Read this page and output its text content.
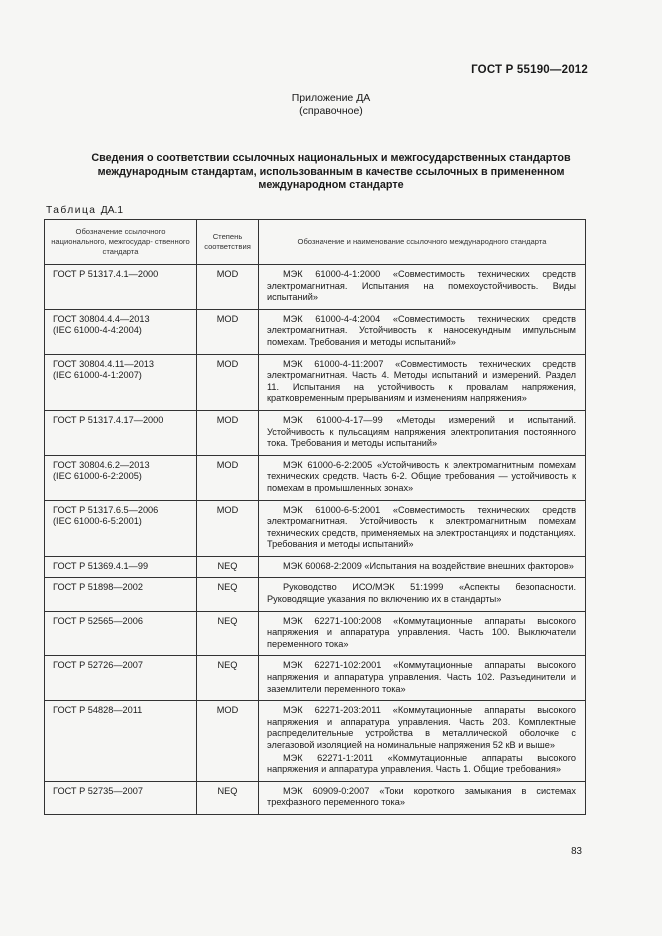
ГОСТ Р 55190—2012
Приложение ДА
(справочное)
Сведения о соответствии ссылочных национальных и межгосударственных стандартов международным стандартам, использованным в качестве ссылочных в примененном международном стандарте
Таблица ДА.1
Обозначение ссылочного национального, межгосудар- ственного стандарта	Степень соответствия	Обозначение и наименование ссылочного международного стандарта

ГОСТ Р 51317.4.1—2000	MOD	МЭК 61000-4-1:2000 «Совместимость технических средств электромагнитная. Испытания на помехоустойчивость. Виды испытаний»

ГОСТ 30804.4.4—2013
(IEC 61000-4-4:2004)	MOD	МЭК 61000-4-4:2004 «Совместимость технических средств электромагнитная. Устойчивость к наносекундным импульсным помехам. Требования и методы испытаний»

ГОСТ 30804.4.11—2013
(IEC 61000-4-1:2007)	MOD	МЭК 61000-4-11:2007 «Совместимость технических средств электромагнитная. Часть 4. Методы испытаний и измерений. Раздел 11. Испытания на устойчивость к провалам напряжения, кратковременным прерываниям и изменениям напряжения»

ГОСТ Р 51317.4.17—2000	MOD	МЭК 61000-4-17—99 «Методы измерений и испытаний. Устойчивость к пульсациям напряжения электропитания постоянного тока. Требования и методы испытаний»

ГОСТ 30804.6.2—2013
(IEC 61000-6-2:2005)	MOD	МЭК 61000-6-2:2005 «Устойчивость к электромагнитным помехам технических средств. Часть 6-2. Общие требования — устойчивость к помехам в промышленных зонах»

ГОСТ Р 51317.6.5—2006
(IEC 61000-6-5:2001)	MOD	МЭК 61000-6-5:2001 «Совместимость технических средств электромагнитная. Устойчивость к электромагнитным помехам технических средств, применяемых на электростанциях и подстанциях. Требования и методы испытаний»

ГОСТ Р 51369.4.1—99	NEQ	МЭК 60068-2:2009 «Испытания на воздействие внешних факторов»

ГОСТ Р 51898—2002	NEQ	Руководство ИСО/МЭК 51:1999 «Аспекты безопасности. Руководящие указания по включению их в стандарты»

ГОСТ Р 52565—2006	NEQ	МЭК 62271-100:2008 «Коммутационные аппараты высокого напряжения и аппаратура управления. Часть 100. Выключатели переменного тока»

ГОСТ Р 52726—2007	NEQ	МЭК 62271-102:2001 «Коммутационные аппараты высокого напряжения и аппаратура управления. Часть 102. Разъединители и заземлители переменного тока»

ГОСТ Р 54828—2011	MOD	МЭК 62271-203:2011 «Коммутационные аппараты высокого напряжения и аппаратура управления. Часть 203. Комплектные распределительные устройства в металлической оболочке с элегазовой изоляцией на номинальные напряжения 52 кВ и выше»
МЭК 62271-1:2011 «Коммутационные аппараты высокого напряжения и аппаратура управления. Часть 1. Общие требования»

ГОСТ Р 52735—2007	NEQ	МЭК 60909-0:2007 «Токи короткого замыкания в системах трехфазного переменного тока»
83
